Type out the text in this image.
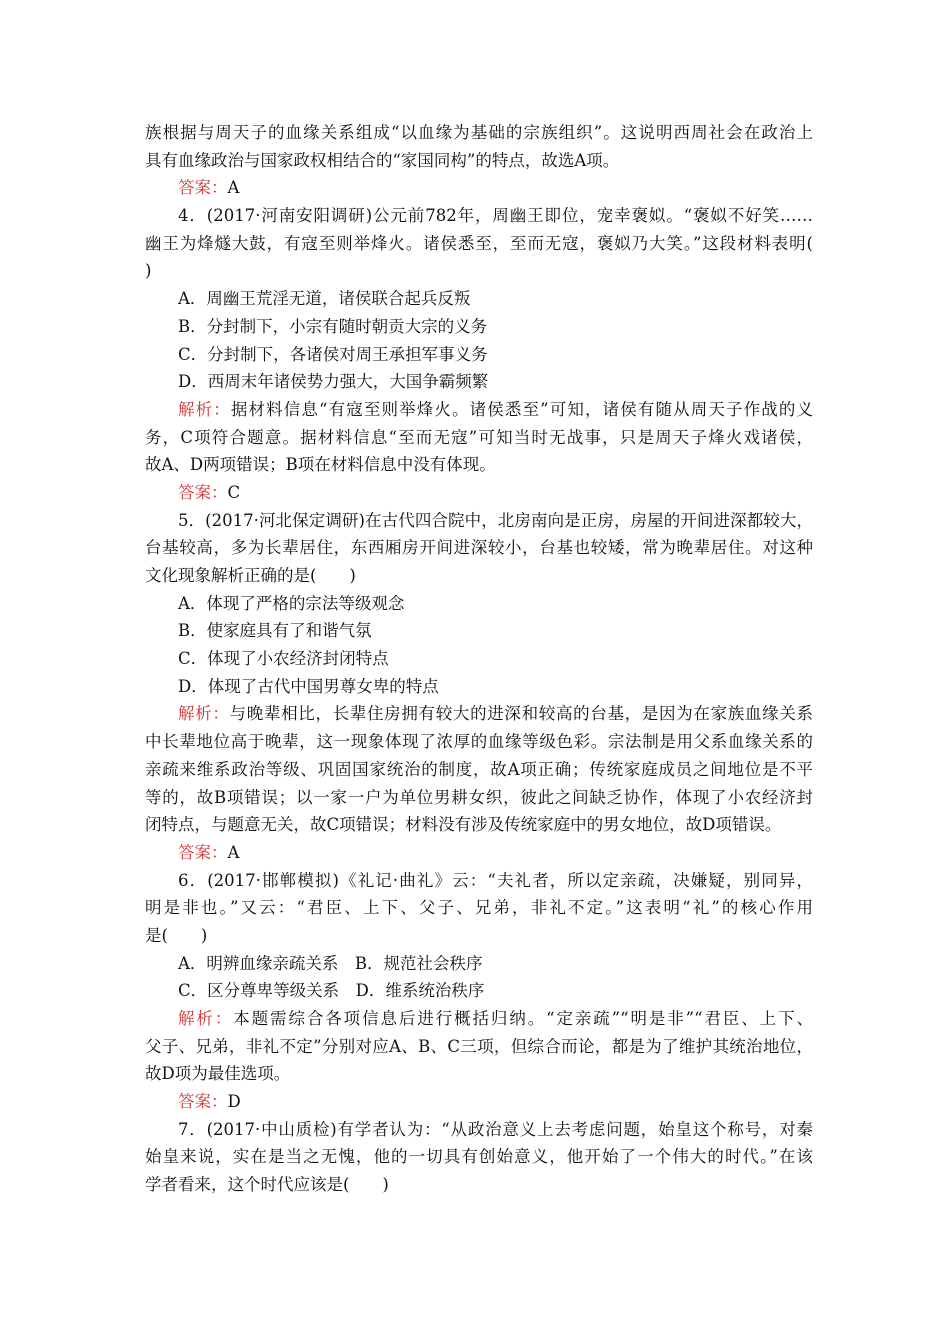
族根据与周天子的血缘关系组成“以血缘为基础的宗族组织”。这说明西周社会在政治上
具有血缘政治与国家政权相结合的“家国同构”的特点，故选A项。
答案：A
4．(2017·河南安阳调研)公元前782年，周幽王即位，宠幸褒姒。“褒姒不好笑……
幽王为烽燧大鼓，有寇至则举烽火。诸侯悉至，至而无寇，褒姒乃大笑。”这段材料表明(
)
A．周幽王荒淫无道，诸侯联合起兵反叛
B．分封制下，小宗有随时朝贡大宗的义务
C．分封制下，各诸侯对周王承担军事义务
D．西周末年诸侯势力强大，大国争霸频繁
解析：据材料信息“有寇至则举烽火。诸侯悉至”可知，诸侯有随从周天子作战的义
务，C项符合题意。据材料信息“至而无寇”可知当时无战事，只是周天子烽火戏诸侯，
故A、D两项错误；B项在材料信息中没有体现。
答案：C
5．(2017·河北保定调研)在古代四合院中，北房南向是正房，房屋的开间进深都较大，
台基较高，多为长辈居住，东西厢房开间进深较小，台基也较矮，常为晚辈居住。对这种
文化现象解析正确的是(　　)
A．体现了严格的宗法等级观念
B．使家庭具有了和谐气氛
C．体现了小农经济封闭特点
D．体现了古代中国男尊女卑的特点
解析：与晚辈相比，长辈住房拥有较大的进深和较高的台基，是因为在家族血缘关系
中长辈地位高于晚辈，这一现象体现了浓厚的血缘等级色彩。宗法制是用父系血缘关系的
亲疏来维系政治等级、巩固国家统治的制度，故A项正确；传统家庭成员之间地位是不平
等的，故B项错误；以一家一户为单位男耕女织，彼此之间缺乏协作，体现了小农经济封
闭特点，与题意无关，故C项错误；材料没有涉及传统家庭中的男女地位，故D项错误。
答案：A
6．(2017·邯郸模拟)《礼记·曲礼》云：“夫礼者，所以定亲疏，决嫌疑，别同异，
明是非也。”又云：“君臣、上下、父子、兄弟，非礼不定。”这表明“礼”的核心作用
是(　　)
A．明辨血缘亲疏关系　B．规范社会秩序
C．区分尊卑等级关系　D．维系统治秩序
解析：本题需综合各项信息后进行概括归纳。“定亲疏”“明是非”“君臣、上下、
父子、兄弟，非礼不定”分别对应A、B、C三项，但综合而论，都是为了维护其统治地位，
故D项为最佳选项。
答案：D
7．(2017·中山质检)有学者认为：“从政治意义上去考虑问题，始皇这个称号，对秦
始皇来说，实在是当之无愧，他的一切具有创始意义，他开始了一个伟大的时代。”在该
学者看来，这个时代应该是(　　)
